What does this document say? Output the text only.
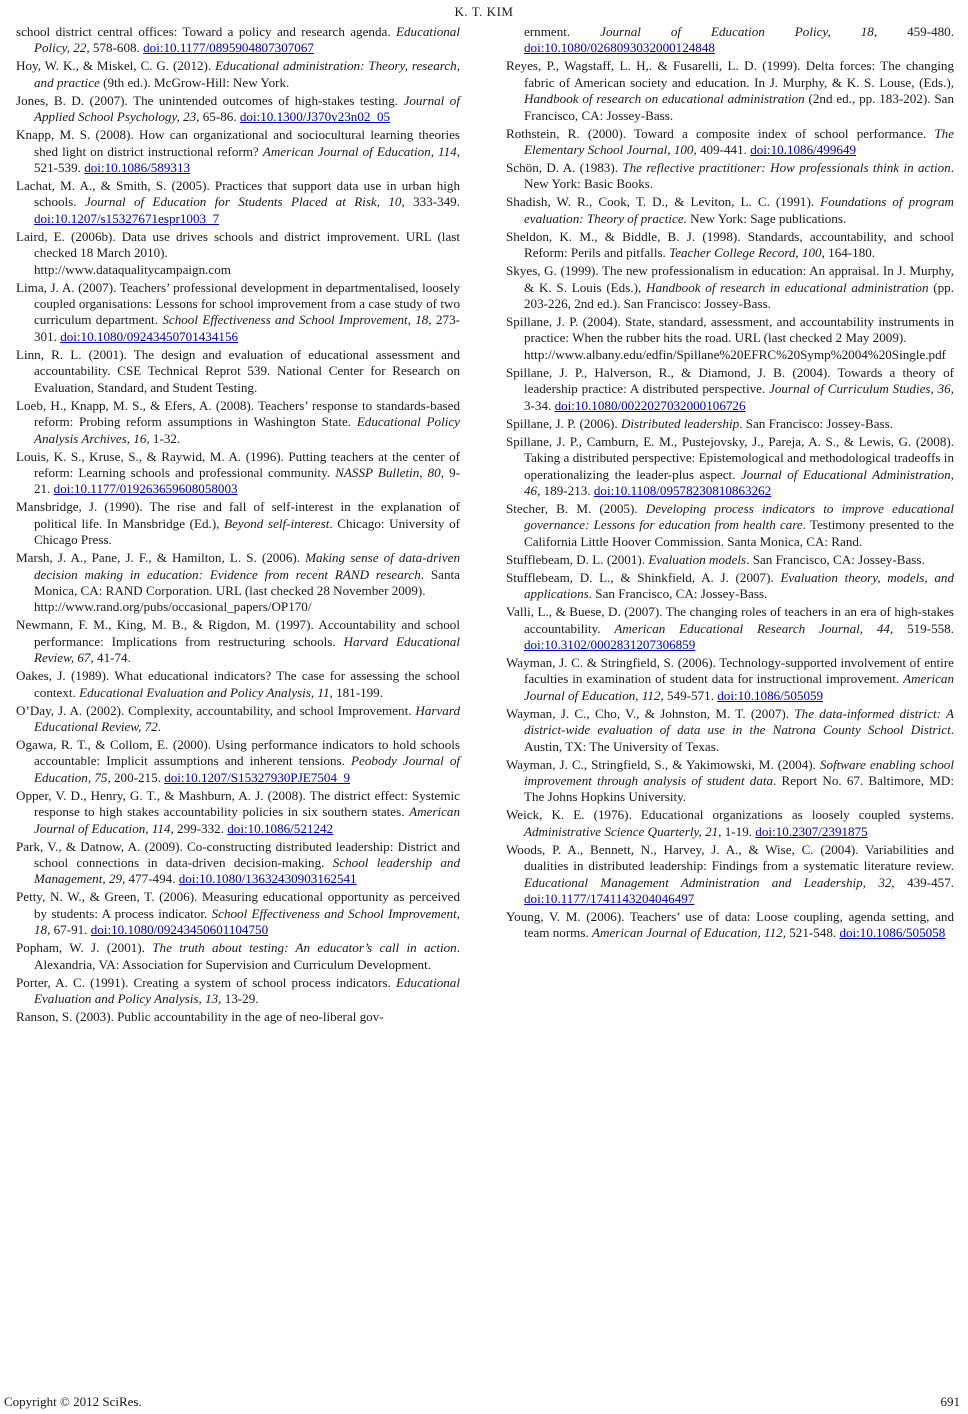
K. T. KIM

school district central offices: Toward a policy and research agenda. Educational Policy, 22, 578-608. doi:10.1177/0895904807307067

Hoy, W. K., & Miskel, C. G. (2012). Educational administration: Theory, research, and practice (9th ed.). McGrow-Hill: New York.

Jones, B. D. (2007). The unintended outcomes of high-stakes testing. Journal of Applied School Psychology, 23, 65-86. doi:10.1300/J370v23n02_05

Knapp, M. S. (2008). How can organizational and sociocultural learning theories shed light on district instructional reform? American Journal of Education, 114, 521-539. doi:10.1086/589313

Lachat, M. A., & Smith, S. (2005). Practices that support data use in urban high schools. Journal of Education for Students Placed at Risk, 10, 333-349. doi:10.1207/s15327671espr1003_7

Laird, E. (2006b). Data use drives schools and district improvement. URL (last checked 18 March 2010).
http://www.dataqualitycampaign.com

Lima, J. A. (2007). Teachers’ professional development in departmentalised, loosely coupled organisations: Lessons for school improvement from a case study of two curriculum department. School Effectiveness and School Improvement, 18, 273-301. doi:10.1080/09243450701434156

Linn, R. L. (2001). The design and evaluation of educational assessment and accountability. CSE Technical Reprot 539. National Center for Research on Evaluation, Standard, and Student Testing.

Loeb, H., Knapp, M. S., & Efers, A. (2008). Teachers’ response to standards-based reform: Probing reform assumptions in Washington State. Educational Policy Analysis Archives, 16, 1-32.

Louis, K. S., Kruse, S., & Raywid, M. A. (1996). Putting teachers at the center of reform: Learning schools and professional community. NASSP Bulletin, 80, 9-21. doi:10.1177/019263659608058003

Mansbridge, J. (1990). The rise and fall of self-interest in the explanation of political life. In Mansbridge (Ed.), Beyond self-interest. Chicago: University of Chicago Press.

Marsh, J. A., Pane, J. F., & Hamilton, L. S. (2006). Making sense of data-driven decision making in education: Evidence from recent RAND research. Santa Monica, CA: RAND Corporation. URL (last checked 28 November 2009).
http://www.rand.org/pubs/occasional_papers/OP170/

Newmann, F. M., King, M. B., & Rigdon, M. (1997). Accountability and school performance: Implications from restructuring schools. Harvard Educational Review, 67, 41-74.

Oakes, J. (1989). What educational indicators? The case for assessing the school context. Educational Evaluation and Policy Analysis, 11, 181-199.

O’Day, J. A. (2002). Complexity, accountability, and school Improvement. Harvard Educational Review, 72.

Ogawa, R. T., & Collom, E. (2000). Using performance indicators to hold schools accountable: Implicit assumptions and inherent tensions. Peobody Journal of Education, 75, 200-215. doi:10.1207/S15327930PJE7504_9

Opper, V. D., Henry, G. T., & Mashburn, A. J. (2008). The district effect: Systemic response to high stakes accountability policies in six southern states. American Journal of Education, 114, 299-332. doi:10.1086/521242

Park, V., & Datnow, A. (2009). Co-constructing distributed leadership: District and school connections in data-driven decision-making. School leadership and Management, 29, 477-494. doi:10.1080/13632430903162541

Petty, N. W., & Green, T. (2006). Measuring educational opportunity as perceived by students: A process indicator. School Effectiveness and School Improvement, 18, 67-91. doi:10.1080/09243450601104750

Popham, W. J. (2001). The truth about testing: An educator’s call in action. Alexandria, VA: Association for Supervision and Curriculum Development.

Porter, A. C. (1991). Creating a system of school process indicators. Educational Evaluation and Policy Analysis, 13, 13-29.

Ranson, S. (2003). Public accountability in the age of neo-liberal gov-

ernment. Journal of Education Policy, 18, 459-480. doi:10.1080/0268093032000124848

Reyes, P., Wagstaff, L. H,. & Fusarelli, L. D. (1999). Delta forces: The changing fabric of American society and education. In J. Murphy, & K. S. Louse, (Eds.), Handbook of research on educational administration (2nd ed., pp. 183-202). San Francisco, CA: Jossey-Bass.

Rothstein, R. (2000). Toward a composite index of school performance. The Elementary School Journal, 100, 409-441. doi:10.1086/499649

Schön, D. A. (1983). The reflective practitioner: How professionals think in action. New York: Basic Books.

Shadish, W. R., Cook, T. D., & Leviton, L. C. (1991). Foundations of program evaluation: Theory of practice. New York: Sage publications.

Sheldon, K. M., & Biddle, B. J. (1998). Standards, accountability, and school Reform: Perils and pitfalls. Teacher College Record, 100, 164-180.

Skyes, G. (1999). The new professionalism in education: An appraisal. In J. Murphy, & K. S. Louis (Eds.), Handbook of research in educational administration (pp. 203-226, 2nd ed.). San Francisco: Jossey-Bass.

Spillane, J. P. (2004). State, standard, assessment, and accountability instruments in practice: When the rubber hits the road. URL (last checked 2 May 2009).
http://www.albany.edu/edfin/Spillane%20EFRC%20Symp%2004%20Single.pdf

Spillane, J. P., Halverson, R., & Diamond, J. B. (2004). Towards a theory of leadership practice: A distributed perspective. Journal of Curriculum Studies, 36, 3-34. doi:10.1080/0022027032000106726

Spillane, J. P. (2006). Distributed leadership. San Francisco: Jossey-Bass.

Spillane, J. P., Camburn, E. M., Pustejovsky, J., Pareja, A. S., & Lewis, G. (2008). Taking a distributed perspective: Epistemological and methodological tradeoffs in operationalizing the leader-plus aspect. Journal of Educational Administration, 46, 189-213. doi:10.1108/09578230810863262

Stecher, B. M. (2005). Developing process indicators to improve educational governance: Lessons for education from health care. Testimony presented to the California Little Hoover Commission. Santa Monica, CA: Rand.

Stufflebeam, D. L. (2001). Evaluation models. San Francisco, CA: Jossey-Bass.

Stufflebeam, D. L., & Shinkfield, A. J. (2007). Evaluation theory, models, and applications. San Francisco, CA: Jossey-Bass.

Valli, L., & Buese, D. (2007). The changing roles of teachers in an era of high-stakes accountability. American Educational Research Journal, 44, 519-558. doi:10.3102/0002831207306859

Wayman, J. C. & Stringfield, S. (2006). Technology-supported involvement of entire faculties in examination of student data for instructional improvement. American Journal of Education, 112, 549-571. doi:10.1086/505059

Wayman, J. C., Cho, V., & Johnston, M. T. (2007). The data-informed district: A district-wide evaluation of data use in the Natrona County School District. Austin, TX: The University of Texas.

Wayman, J. C., Stringfield, S., & Yakimowski, M. (2004). Software enabling school improvement through analysis of student data. Report No. 67. Baltimore, MD: The Johns Hopkins University.

Weick, K. E. (1976). Educational organizations as loosely coupled systems. Administrative Science Quarterly, 21, 1-19. doi:10.2307/2391875

Woods, P. A., Bennett, N., Harvey, J. A., & Wise, C. (2004). Variabilities and dualities in distributed leadership: Findings from a systematic literature review. Educational Management Administration and Leadership, 32, 439-457. doi:10.1177/1741143204046497

Young, V. M. (2006). Teachers’ use of data: Loose coupling, agenda setting, and team norms. American Journal of Education, 112, 521-548. doi:10.1086/505058

Copyright © 2012 SciRes.	691
